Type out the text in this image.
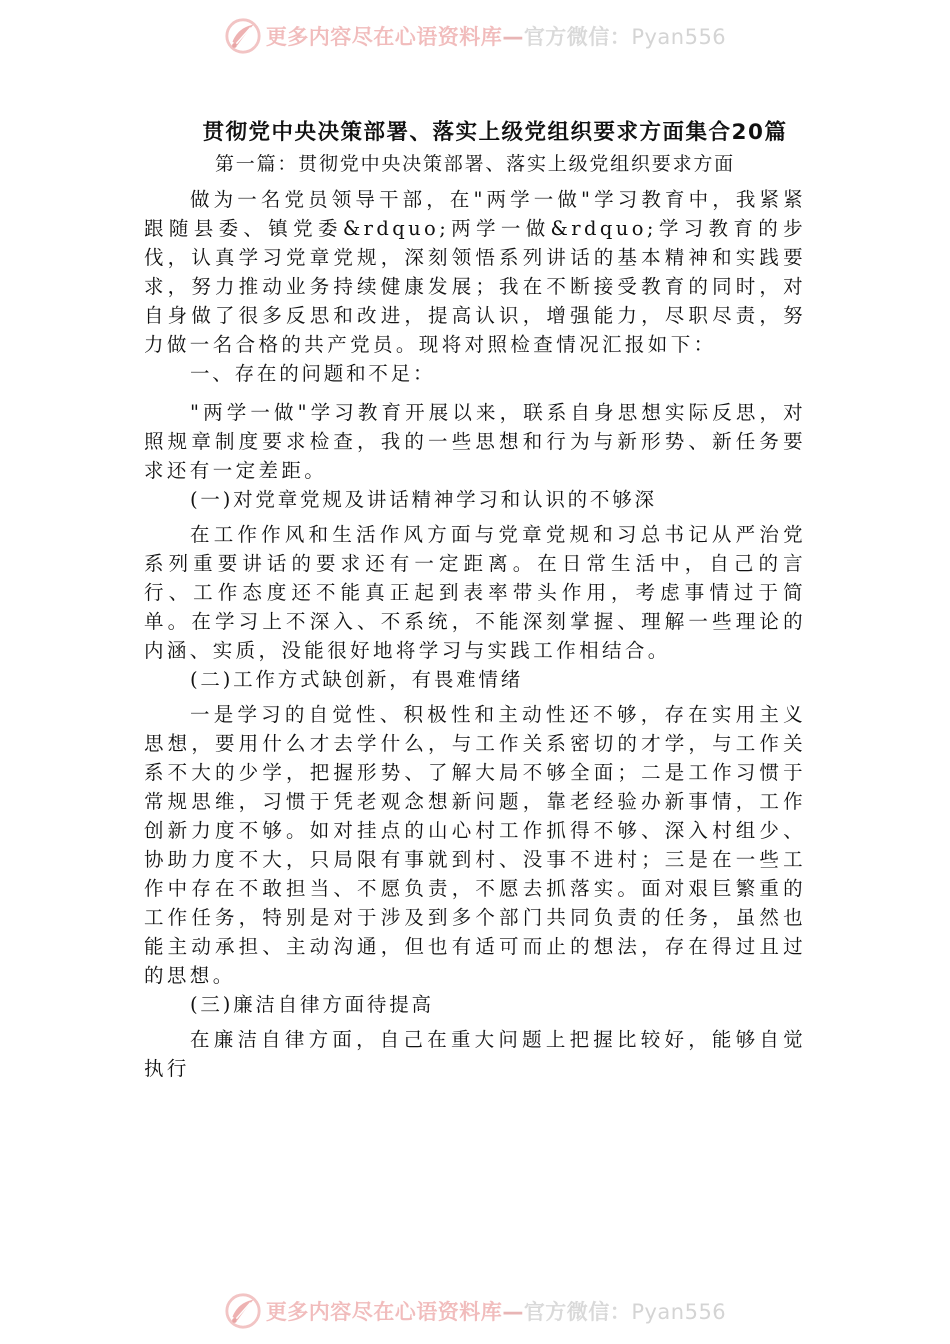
更多内容尽在心语资料库—官方微信：Pyan556
贯彻党中央决策部署、落实上级党组织要求方面集合20篇

第一篇：贯彻党中央决策部署、落实上级党组织要求方面

做为一名党员领导干部，在"两学一做"学习教育中，我紧紧跟随县委、镇党委&rdquo;两学一做&rdquo;学习教育的步伐，认真学习党章党规，深刻领悟系列讲话的基本精神和实践要求，努力推动业务持续健康发展；我在不断接受教育的同时，对自身做了很多反思和改进，提高认识，增强能力，尽职尽责，努力做一名合格的共产党员。现将对照检查情况汇报如下：

一、存在的问题和不足：

"两学一做"学习教育开展以来，联系自身思想实际反思，对照规章制度要求检查，我的一些思想和行为与新形势、新任务要求还有一定差距。

(一)对党章党规及讲话精神学习和认识的不够深

在工作作风和生活作风方面与党章党规和习总书记从严治党系列重要讲话的要求还有一定距离。在日常生活中，自己的言行、工作态度还不能真正起到表率带头作用，考虑事情过于简单。在学习上不深入、不系统，不能深刻掌握、理解一些理论的内涵、实质，没能很好地将学习与实践工作相结合。

(二)工作方式缺创新，有畏难情绪

一是学习的自觉性、积极性和主动性还不够，存在实用主义思想，要用什么才去学什么，与工作关系密切的才学，与工作关系不大的少学，把握形势、了解大局不够全面；二是工作习惯于常规思维，习惯于凭老观念想新问题，靠老经验办新事情，工作创新力度不够。如对挂点的山心村工作抓得不够、深入村组少、协助力度不大，只局限有事就到村、没事不进村；三是在一些工作中存在不敢担当、不愿负责，不愿去抓落实。面对艰巨繁重的工作任务，特别是对于涉及到多个部门共同负责的任务，虽然也能主动承担、主动沟通，但也有适可而止的想法，存在得过且过的思想。

(三)廉洁自律方面待提高

在廉洁自律方面，自己在重大问题上把握比较好，能够自觉执行

更多内容尽在心语资料库—官方微信：Pyan556
